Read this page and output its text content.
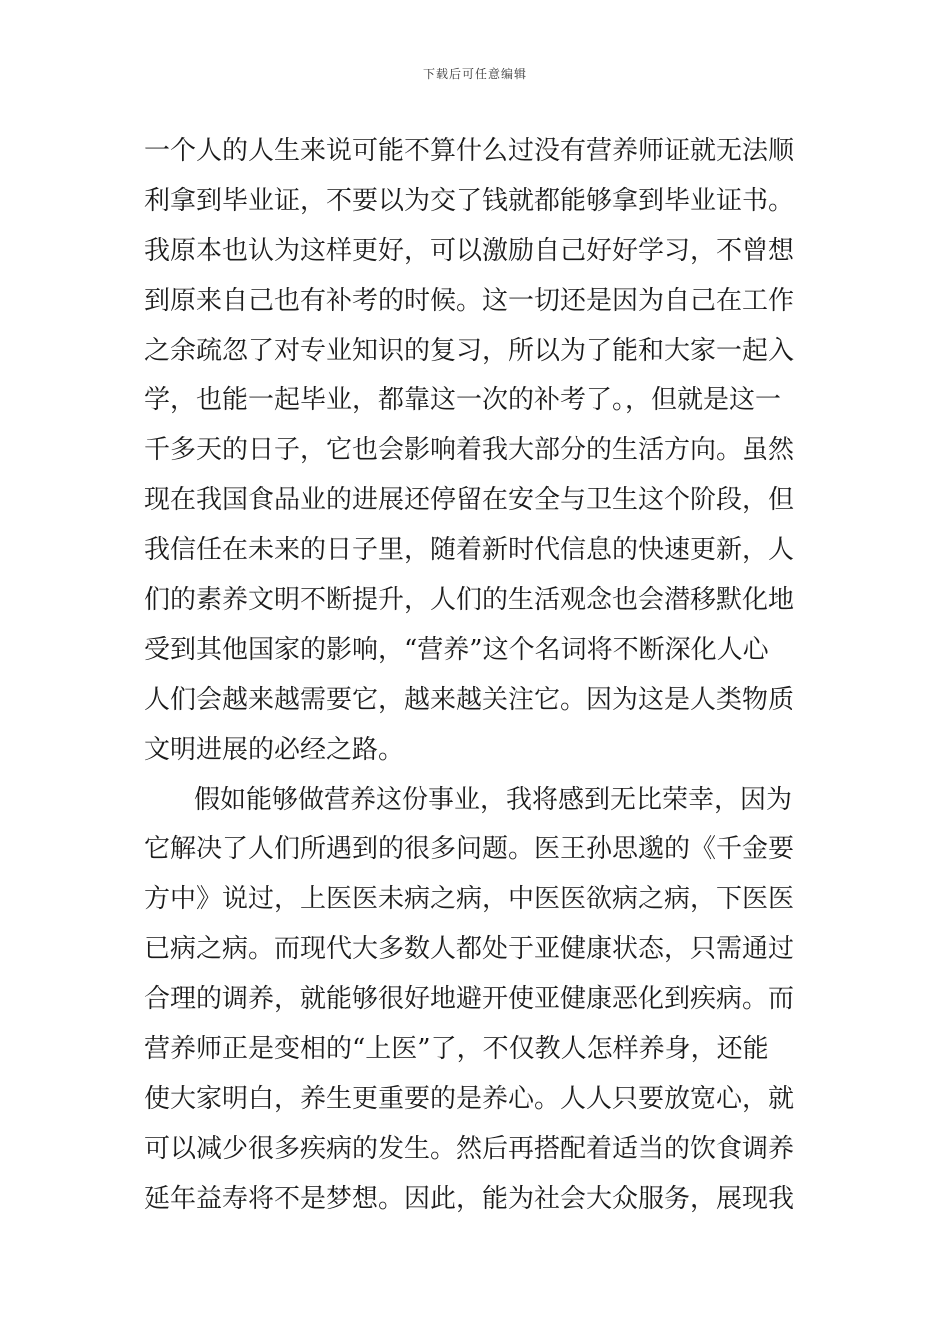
下载后可任意编辑
一个人的人生来说可能不算什么过没有营养师证就无法顺
利拿到毕业证，不要以为交了钱就都能够拿到毕业证书。
我原本也认为这样更好，可以激励自己好好学习，不曾想
到原来自己也有补考的时候。这一切还是因为自己在工作
之余疏忽了对专业知识的复习，所以为了能和大家一起入
学，也能一起毕业，都靠这一次的补考了。，但就是这一
千多天的日子，它也会影响着我大部分的生活方向。虽然
现在我国食品业的进展还停留在安全与卫生这个阶段，但
我信任在未来的日子里，随着新时代信息的快速更新，人
们的素养文明不断提升，人们的生活观念也会潜移默化地
受到其他国家的影响，“营养”这个名词将不断深化人心
人们会越来越需要它，越来越关注它。因为这是人类物质
文明进展的必经之路。
假如能够做营养这份事业，我将感到无比荣幸，因为
它解决了人们所遇到的很多问题。医王孙思邈的《千金要
方中》说过，上医医未病之病，中医医欲病之病，下医医
已病之病。而现代大多数人都处于亚健康状态，只需通过
合理的调养，就能够很好地避开使亚健康恶化到疾病。而
营养师正是变相的“上医”了，不仅教人怎样养身，还能
使大家明白，养生更重要的是养心。人人只要放宽心，就
可以减少很多疾病的发生。然后再搭配着适当的饮食调养
延年益寿将不是梦想。因此，能为社会大众服务，展现我
